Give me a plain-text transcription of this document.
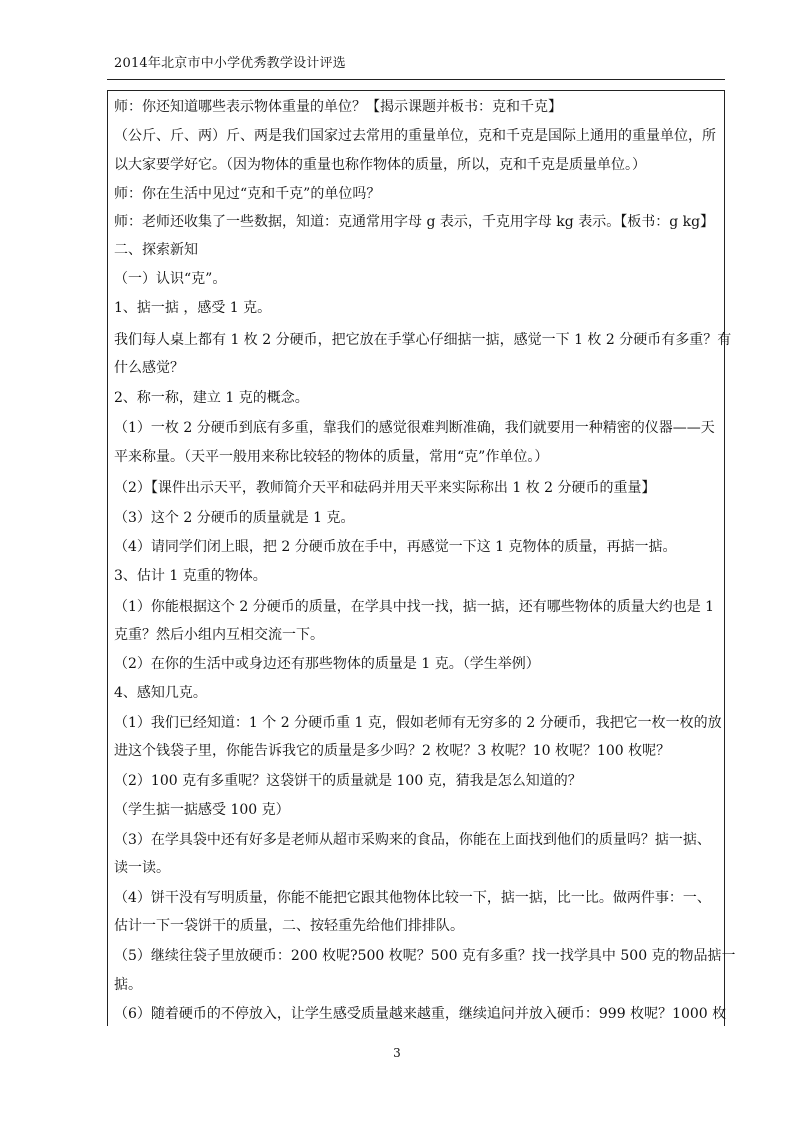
2014年北京市中小学优秀教学设计评选
师：你还知道哪些表示物体重量的单位？【揭示课题并板书：克和千克】
（公斤、斤、两）斤、两是我们国家过去常用的重量单位，克和千克是国际上通用的重量单位，所
以大家要学好它。（因为物体的重量也称作物体的质量，所以，克和千克是质量单位。）
师：你在生活中见过“克和千克”的单位吗？
师：老师还收集了一些数据，知道：克通常用字母 g 表示，千克用字母 kg 表示。【板书：g kg】
二、探索新知
（一）认识“克”。
1、掂一掂 ，感受 1 克。
我们每人桌上都有 1 枚 2 分硬币，把它放在手掌心仔细掂一掂，感觉一下 1 枚 2 分硬币有多重？有
什么感觉？
2、称一称，建立 1 克的概念。
（1）一枚 2 分硬币到底有多重，靠我们的感觉很难判断准确，我们就要用一种精密的仪器——天
平来称量。（天平一般用来称比较轻的物体的质量，常用“克”作单位。）
（2）【课件出示天平，教师简介天平和砝码并用天平来实际称出 1 枚 2 分硬币的重量】
（3）这个 2 分硬币的质量就是 1 克。
（4）请同学们闭上眼，把 2 分硬币放在手中，再感觉一下这 1 克物体的质量，再掂一掂。
3、估计 1 克重的物体。
（1）你能根据这个 2 分硬币的质量，在学具中找一找，掂一掂，还有哪些物体的质量大约也是 1
克重？然后小组内互相交流一下。
（2）在你的生活中或身边还有那些物体的质量是 1 克。（学生举例）
4、感知几克。
（1）我们已经知道：1 个 2 分硬币重 1 克，假如老师有无穷多的 2 分硬币，我把它一枚一枚的放
进这个钱袋子里，你能告诉我它的质量是多少吗？2 枚呢？3 枚呢？10 枚呢？100 枚呢？
（2）100 克有多重呢？这袋饼干的质量就是 100 克，猜我是怎么知道的？
（学生掂一掂感受 100 克）
（3）在学具袋中还有好多是老师从超市采购来的食品，你能在上面找到他们的质量吗？掂一掂、
读一读。
（4）饼干没有写明质量，你能不能把它跟其他物体比较一下，掂一掂，比一比。做两件事：一、
估计一下一袋饼干的质量，二、按轻重先给他们排排队。
（5）继续往袋子里放硬币：200 枚呢?500 枚呢？500 克有多重？找一找学具中 500 克的物品掂一
掂。
（6）随着硬币的不停放入，让学生感受质量越来越重，继续追问并放入硬币：999 枚呢？1000 枚
3
